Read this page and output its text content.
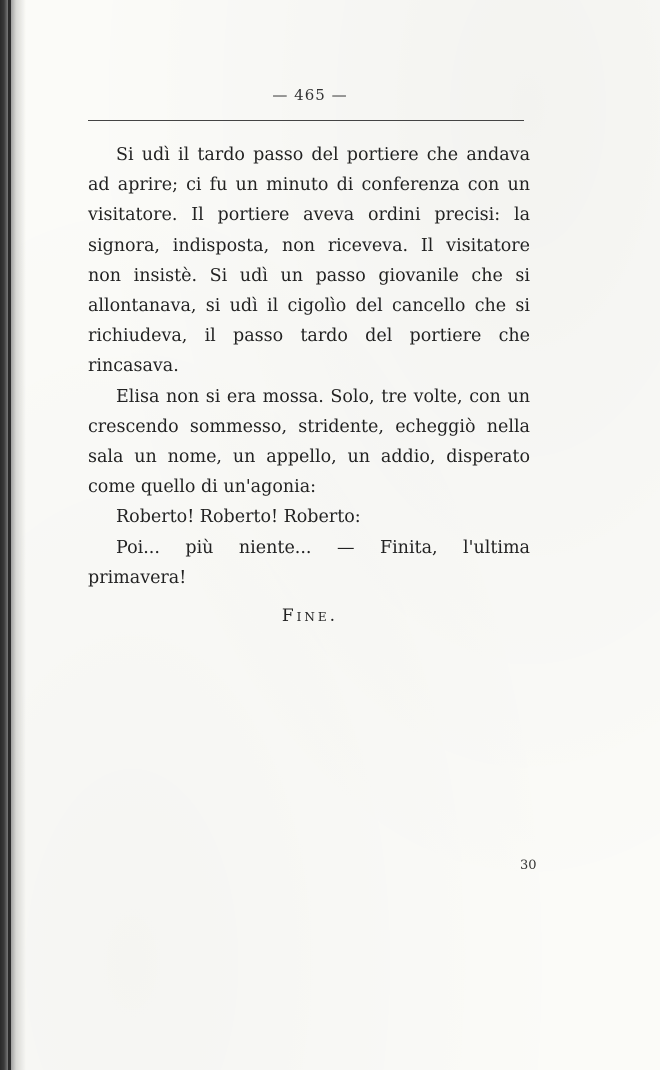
— 465 —

Si udì il tardo passo del portiere che andava ad aprire; ci fu un minuto di conferenza con un visitatore. Il portiere aveva ordini precisi: la signora, indisposta, non riceveva. Il visitatore non insistè. Si udì un passo giovanile che si allontanava, si udì il cigolìo del cancello che si richiudeva, il passo tardo del portiere che rincasava.

Elisa non si era mossa. Solo, tre volte, con un crescendo sommesso, stridente, echeggiò nella sala un nome, un appello, un addio, disperato come quello di un'agonia:

Roberto! Roberto! Roberto:

Poi... più niente... — Finita, l'ultima primavera!

Fine.
30
